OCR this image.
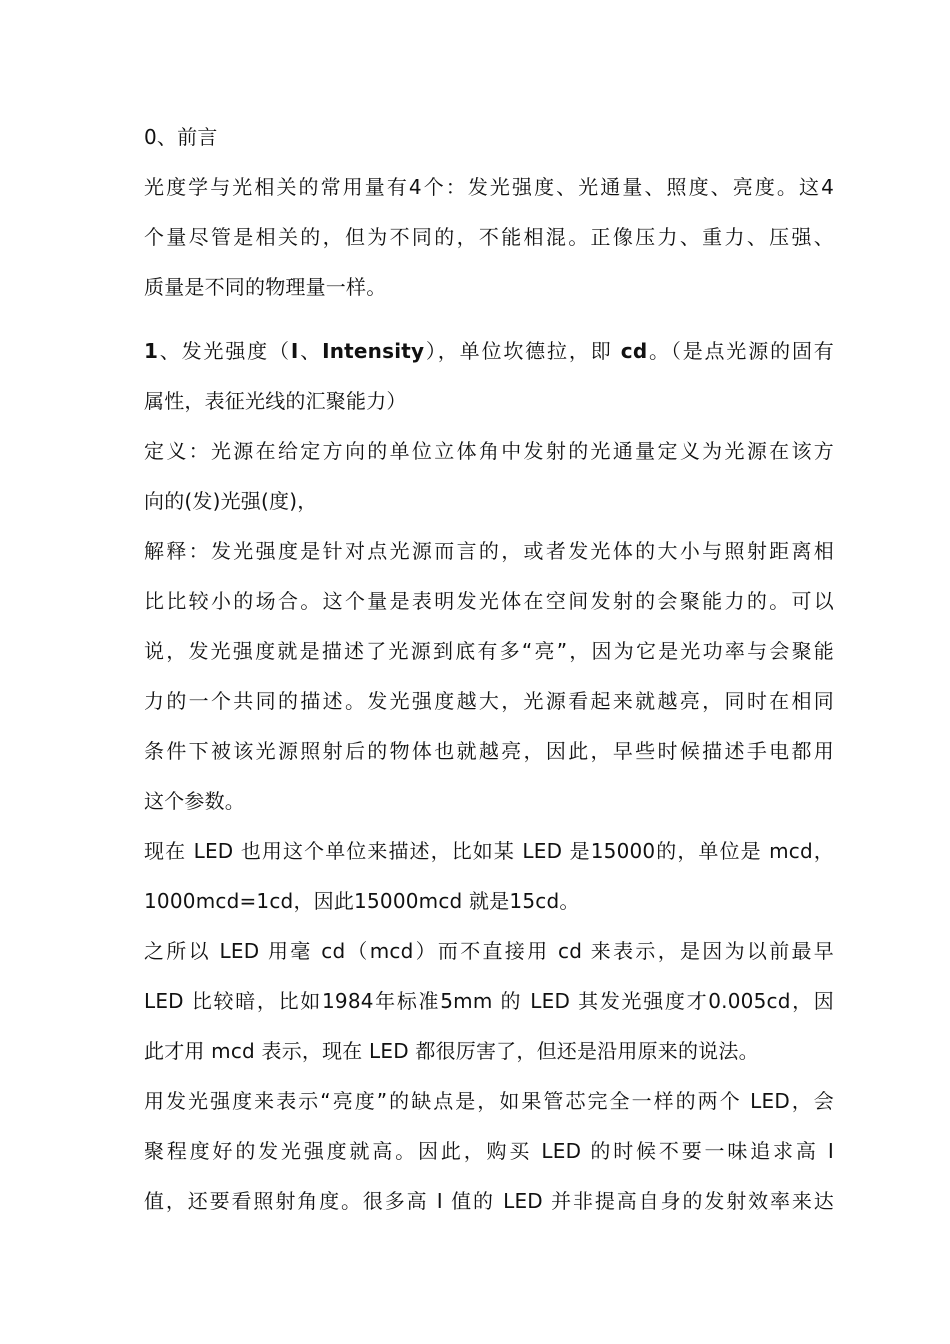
0、前言
光度学与光相关的常用量有4个：发光强度、光通量、照度、亮度。这4
个量尽管是相关的，但为不同的，不能相混。正像压力、重力、压强、
质量是不同的物理量一样。
1、发光强度（I、Intensity），单位坎德拉，即 cd。（是点光源的固有
属性，表征光线的汇聚能力）
定义：光源在给定方向的单位立体角中发射的光通量定义为光源在该方
向的(发)光强(度)，
解释：发光强度是针对点光源而言的，或者发光体的大小与照射距离相
比比较小的场合。这个量是表明发光体在空间发射的会聚能力的。可以
说，发光强度就是描述了光源到底有多“亮”，因为它是光功率与会聚能
力的一个共同的描述。发光强度越大，光源看起来就越亮，同时在相同
条件下被该光源照射后的物体也就越亮，因此，早些时候描述手电都用
这个参数。
现在 LED 也用这个单位来描述，比如某 LED 是15000的，单位是 mcd，
1000mcd=1cd，因此15000mcd 就是15cd。
之所以 LED 用毫 cd（mcd）而不直接用 cd 来表示，是因为以前最早
LED 比较暗，比如1984年标准5mm 的 LED 其发光强度才0.005cd，因
此才用 mcd 表示，现在 LED 都很厉害了，但还是沿用原来的说法。
用发光强度来表示“亮度”的缺点是，如果管芯完全一样的两个 LED，会
聚程度好的发光强度就高。因此，购买 LED 的时候不要一味追求高 I
值，还要看照射角度。很多高 I 值的 LED 并非提高自身的发射效率来达
